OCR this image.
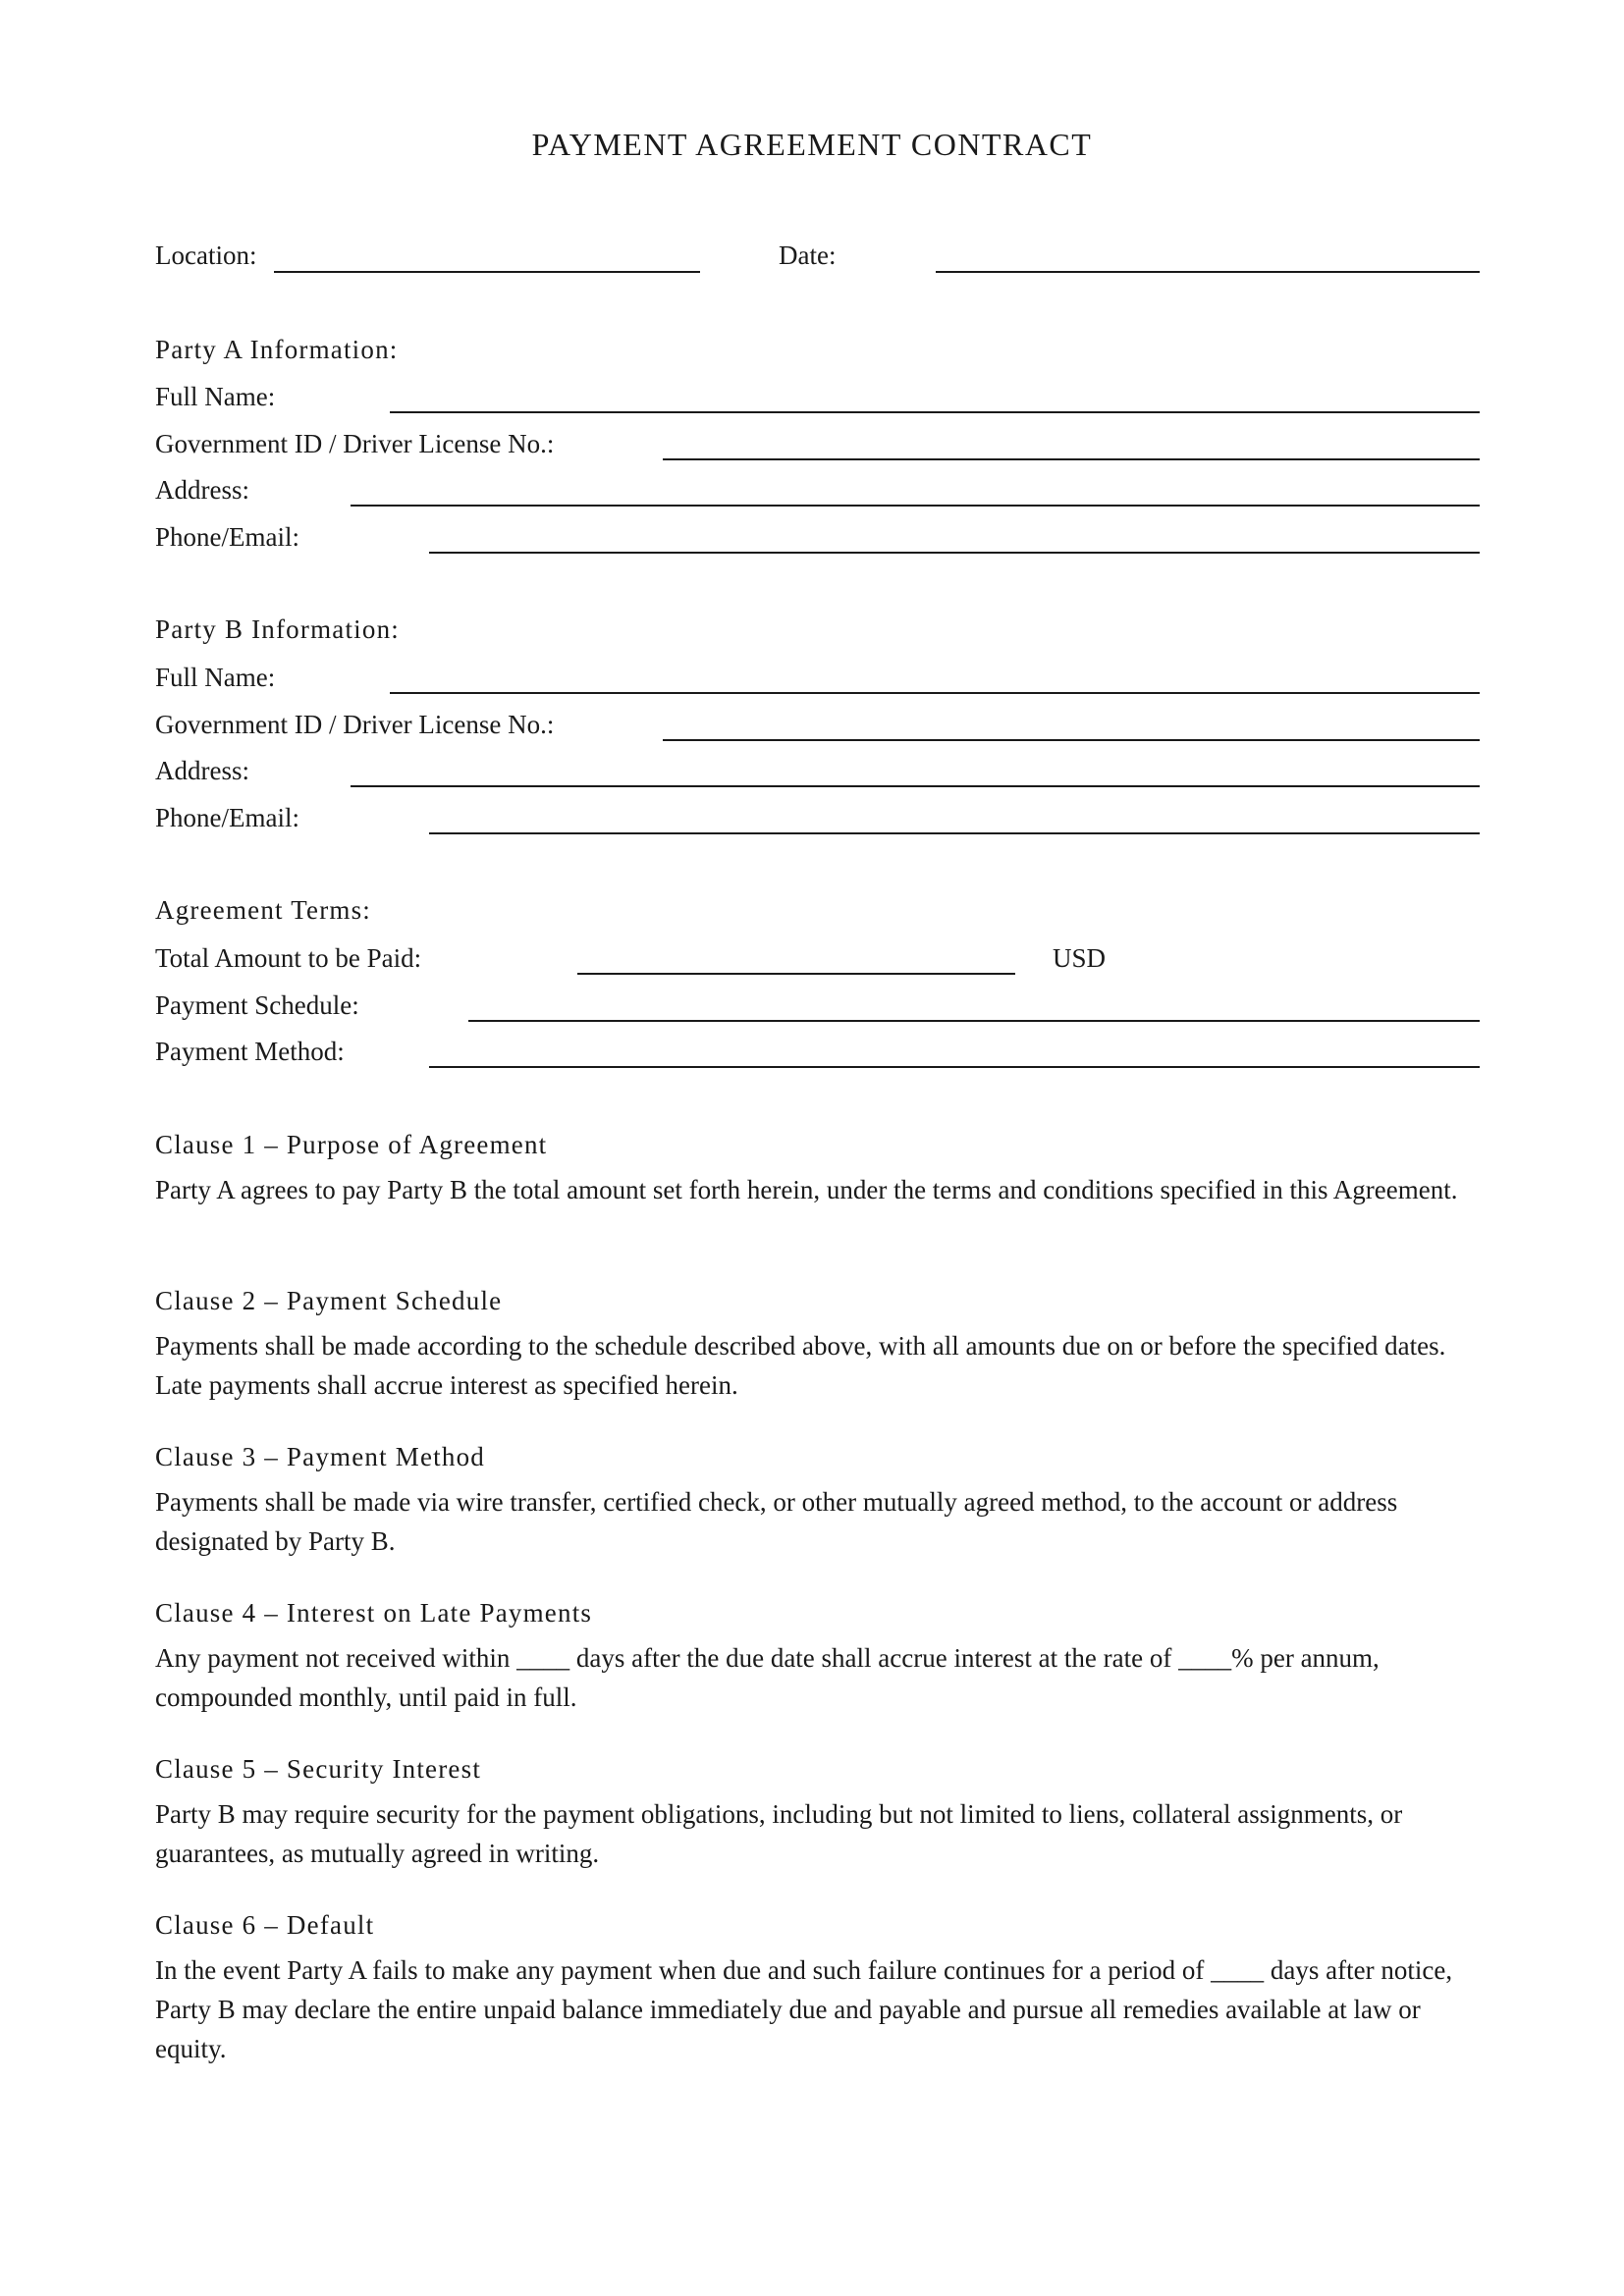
PAYMENT AGREEMENT CONTRACT
Location:	Date:
Party A Information:
Full Name:
Government ID / Driver License No.:
Address:
Phone/Email:
Party B Information:
Full Name:
Government ID / Driver License No.:
Address:
Phone/Email:
Agreement Terms:
Total Amount to be Paid:	USD
Payment Schedule:
Payment Method:
Clause 1 – Purpose of Agreement
Party A agrees to pay Party B the total amount set forth herein, under the terms and conditions specified in this Agreement.
Clause 2 – Payment Schedule
Payments shall be made according to the schedule described above, with all amounts due on or before the specified dates. Late payments shall accrue interest as specified herein.
Clause 3 – Payment Method
Payments shall be made via wire transfer, certified check, or other mutually agreed method, to the account or address designated by Party B.
Clause 4 – Interest on Late Payments
Any payment not received within ____ days after the due date shall accrue interest at the rate of ____% per annum, compounded monthly, until paid in full.
Clause 5 – Security Interest
Party B may require security for the payment obligations, including but not limited to liens, collateral assignments, or guarantees, as mutually agreed in writing.
Clause 6 – Default
In the event Party A fails to make any payment when due and such failure continues for a period of ____ days after notice, Party B may declare the entire unpaid balance immediately due and payable and pursue all remedies available at law or equity.
